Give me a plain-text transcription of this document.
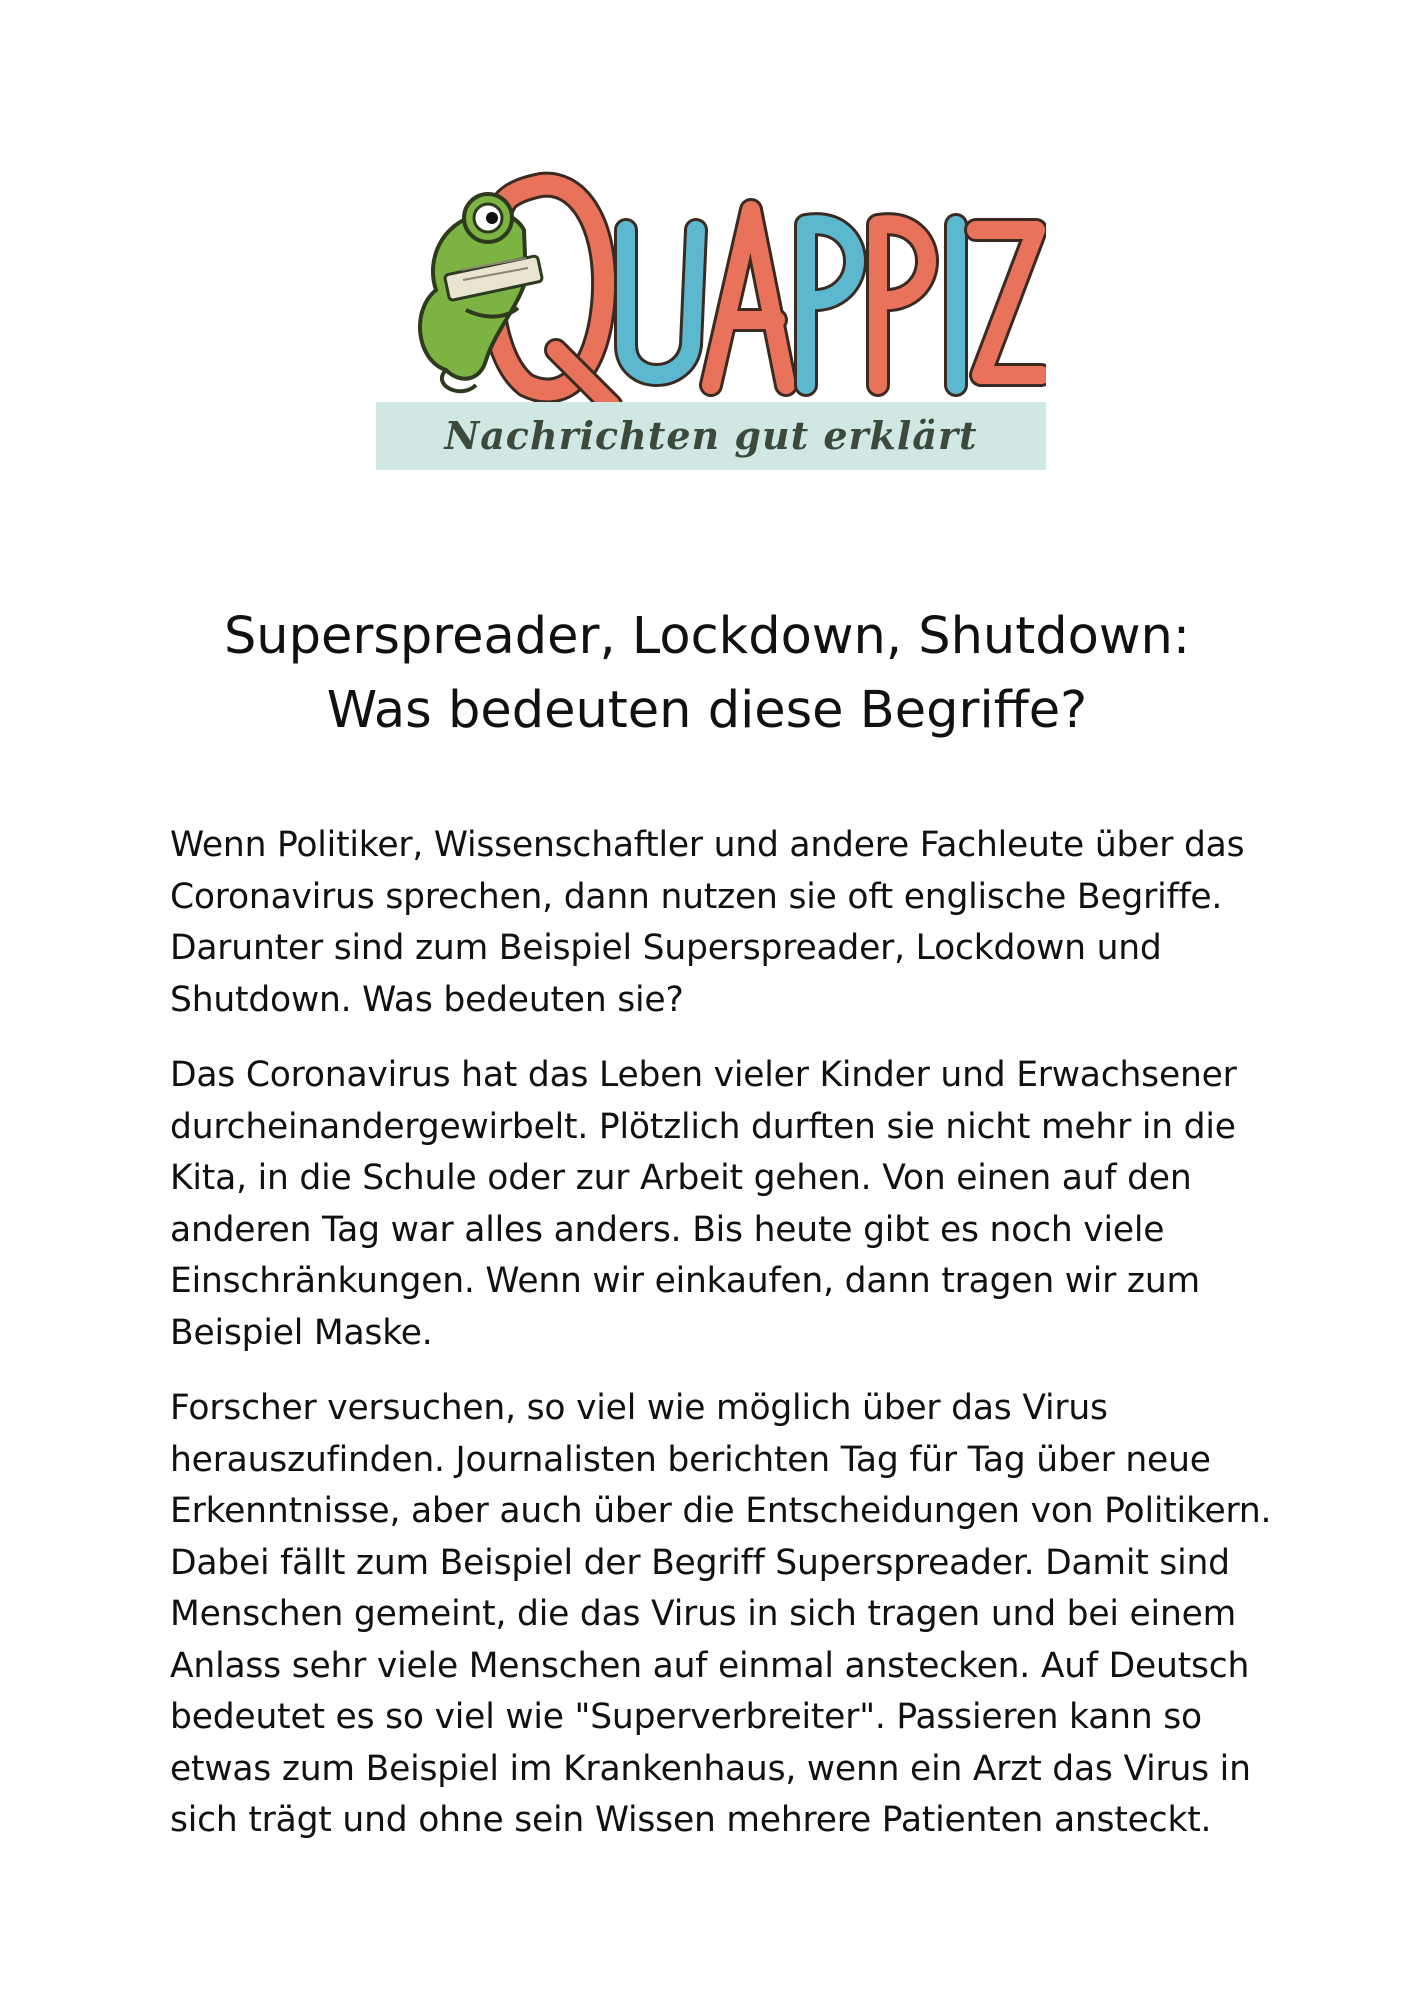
Nachrichten gut erklärt
Superspreader, Lockdown, Shutdown:
Was bedeuten diese Begriffe?

Wenn Politiker, Wissenschaftler und andere Fachleute über das
Coronavirus sprechen, dann nutzen sie oft englische Begriffe.
Darunter sind zum Beispiel Superspreader, Lockdown und
Shutdown. Was bedeuten sie?

Das Coronavirus hat das Leben vieler Kinder und Erwachsener
durcheinandergewirbelt. Plötzlich durften sie nicht mehr in die
Kita, in die Schule oder zur Arbeit gehen. Von einen auf den
anderen Tag war alles anders. Bis heute gibt es noch viele
Einschränkungen. Wenn wir einkaufen, dann tragen wir zum
Beispiel Maske.

Forscher versuchen, so viel wie möglich über das Virus
herauszufinden. Journalisten berichten Tag für Tag über neue
Erkenntnisse, aber auch über die Entscheidungen von Politikern.
Dabei fällt zum Beispiel der Begriff Superspreader. Damit sind
Menschen gemeint, die das Virus in sich tragen und bei einem
Anlass sehr viele Menschen auf einmal anstecken. Auf Deutsch
bedeutet es so viel wie "Superverbreiter". Passieren kann so
etwas zum Beispiel im Krankenhaus, wenn ein Arzt das Virus in
sich trägt und ohne sein Wissen mehrere Patienten ansteckt.
